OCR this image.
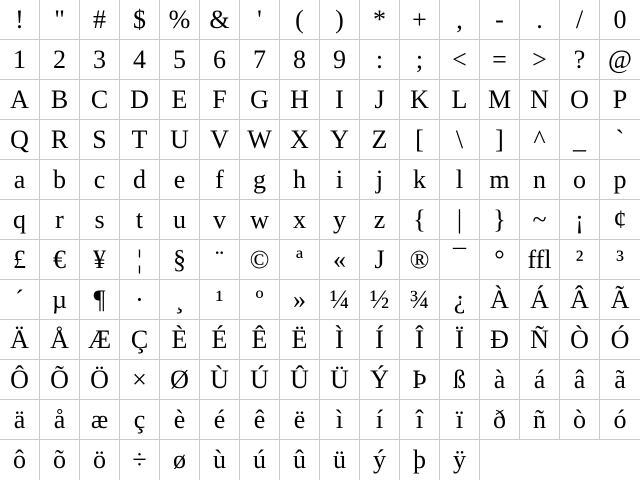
!	"	#	$ % &	'	(	)	*	+	,	-	.	/	0
1	2	3	4	5	6	7	8	9	:	;	< = >	? @
A B C D E F G H	I	J K L M N O P
Q R S T U V W X Y Z	[	\	]	^	_	`
a	b	c	d	e	f	g	h	i	j	k	l	m n	o	p
q	r	s	t	u	v w x	y	z	{	|	}	~	¡	¢
£	€	¥	¦	§	¨ ©	ª	«	J ® ¯	° ffl ²	³
´	µ	¶	·	¸	¹	º	» ¼ ½ ¾ ¿ À Á Â Ã
Ä Å Æ Ç È É Ê Ë	Ì	Í	Î	Ï	Ð Ñ Ò Ó
Ô Õ Ö × Ø Ù Ú Û Ü Ý Þ	ß	à	á	â	ã
ä	å æ ç	è	é	ê	ë	ì	í	î	ï	ð	ñ	ò	ó
ô	õ	ö	÷	ø	ù	ú	û	ü	ý	þ	ÿ
